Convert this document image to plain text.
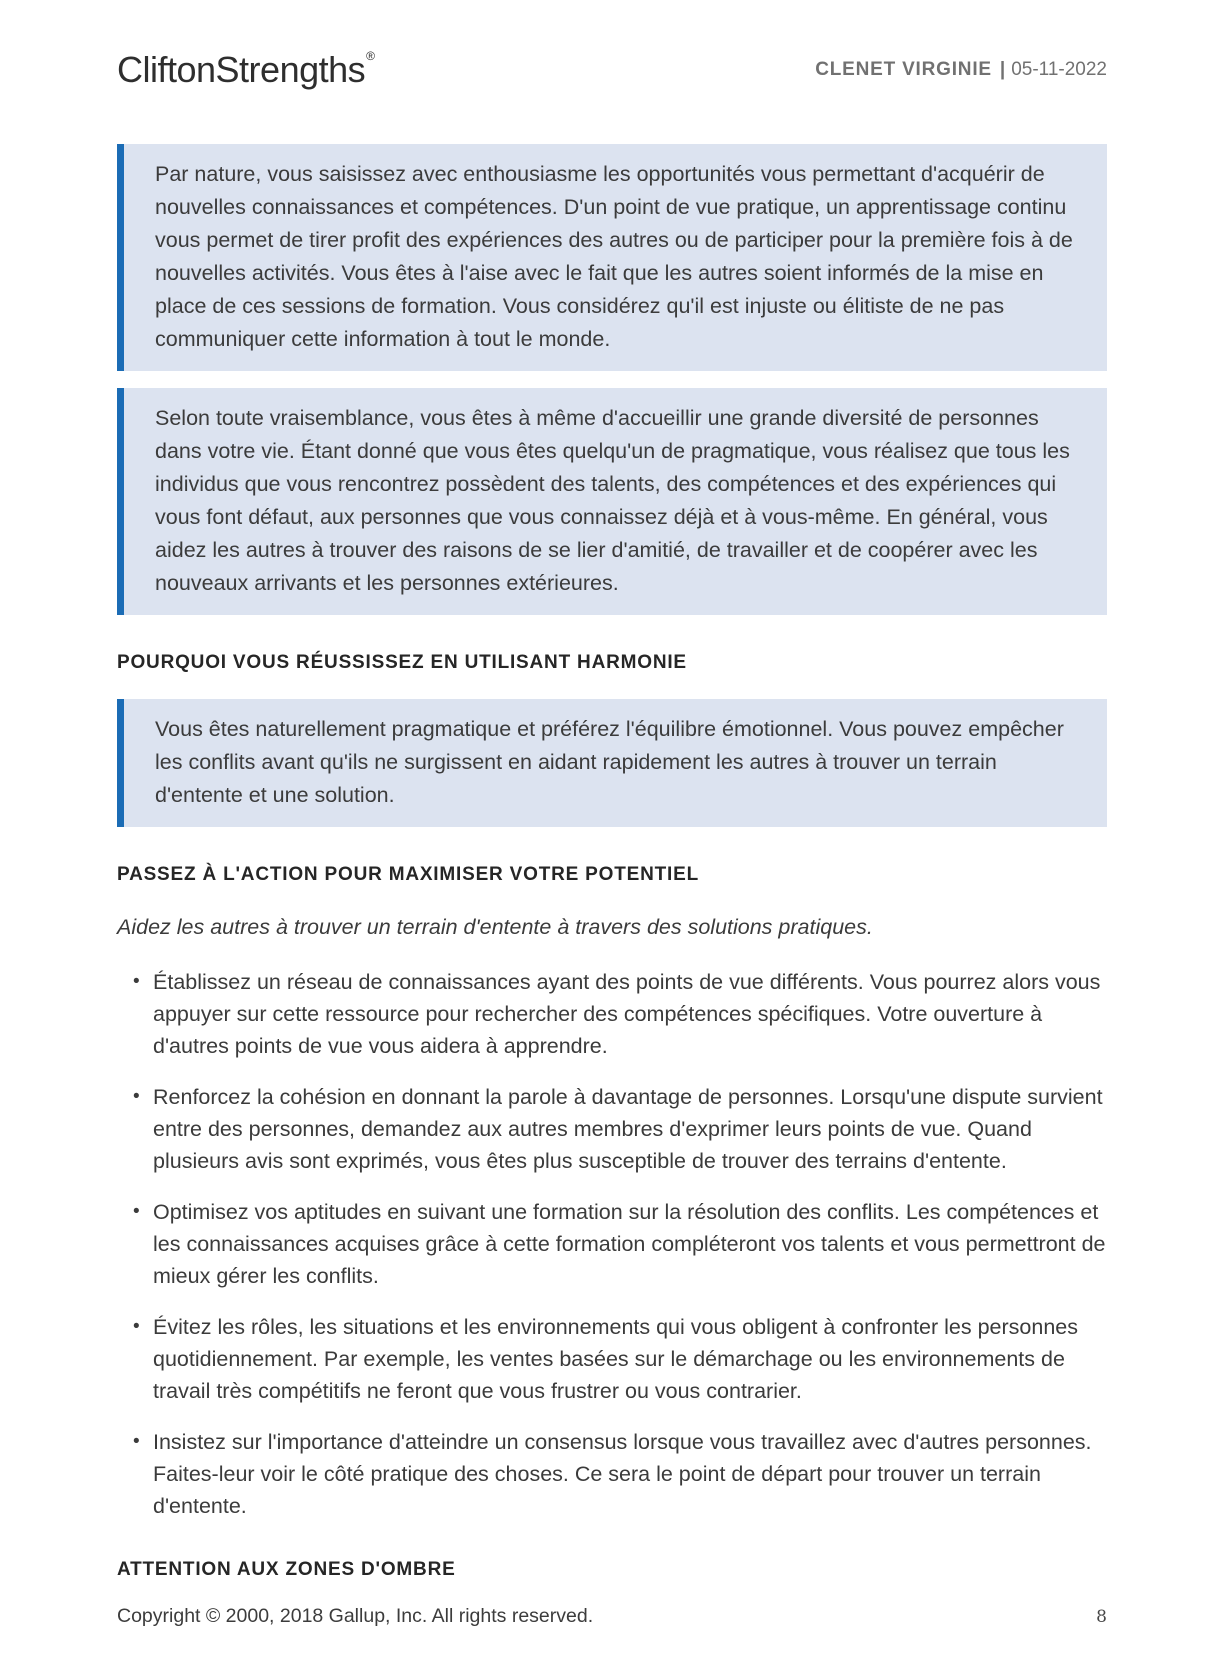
CliftonStrengths®
CLENET VIRGINIE | 05-11-2022

Par nature, vous saisissez avec enthousiasme les opportunités vous permettant d'acquérir de nouvelles connaissances et compétences. D'un point de vue pratique, un apprentissage continu vous permet de tirer profit des expériences des autres ou de participer pour la première fois à de nouvelles activités. Vous êtes à l'aise avec le fait que les autres soient informés de la mise en place de ces sessions de formation. Vous considérez qu'il est injuste ou élitiste de ne pas communiquer cette information à tout le monde.

Selon toute vraisemblance, vous êtes à même d'accueillir une grande diversité de personnes dans votre vie. Étant donné que vous êtes quelqu'un de pragmatique, vous réalisez que tous les individus que vous rencontrez possèdent des talents, des compétences et des expériences qui vous font défaut, aux personnes que vous connaissez déjà et à vous-même. En général, vous aidez les autres à trouver des raisons de se lier d'amitié, de travailler et de coopérer avec les nouveaux arrivants et les personnes extérieures.

POURQUOI VOUS RÉUSSISSEZ EN UTILISANT HARMONIE

Vous êtes naturellement pragmatique et préférez l'équilibre émotionnel. Vous pouvez empêcher les conflits avant qu'ils ne surgissent en aidant rapidement les autres à trouver un terrain d'entente et une solution.

PASSEZ À L'ACTION POUR MAXIMISER VOTRE POTENTIEL

Aidez les autres à trouver un terrain d'entente à travers des solutions pratiques.

• Établissez un réseau de connaissances ayant des points de vue différents. Vous pourrez alors vous appuyer sur cette ressource pour rechercher des compétences spécifiques. Votre ouverture à d'autres points de vue vous aidera à apprendre.
• Renforcez la cohésion en donnant la parole à davantage de personnes. Lorsqu'une dispute survient entre des personnes, demandez aux autres membres d'exprimer leurs points de vue. Quand plusieurs avis sont exprimés, vous êtes plus susceptible de trouver des terrains d'entente.
• Optimisez vos aptitudes en suivant une formation sur la résolution des conflits. Les compétences et les connaissances acquises grâce à cette formation compléteront vos talents et vous permettront de mieux gérer les conflits.
• Évitez les rôles, les situations et les environnements qui vous obligent à confronter les personnes quotidiennement. Par exemple, les ventes basées sur le démarchage ou les environnements de travail très compétitifs ne feront que vous frustrer ou vous contrarier.
• Insistez sur l'importance d'atteindre un consensus lorsque vous travaillez avec d'autres personnes. Faites-leur voir le côté pratique des choses. Ce sera le point de départ pour trouver un terrain d'entente.
ATTENTION AUX ZONES D'OMBRE
Copyright © 2000, 2018 Gallup, Inc. All rights reserved.	8
